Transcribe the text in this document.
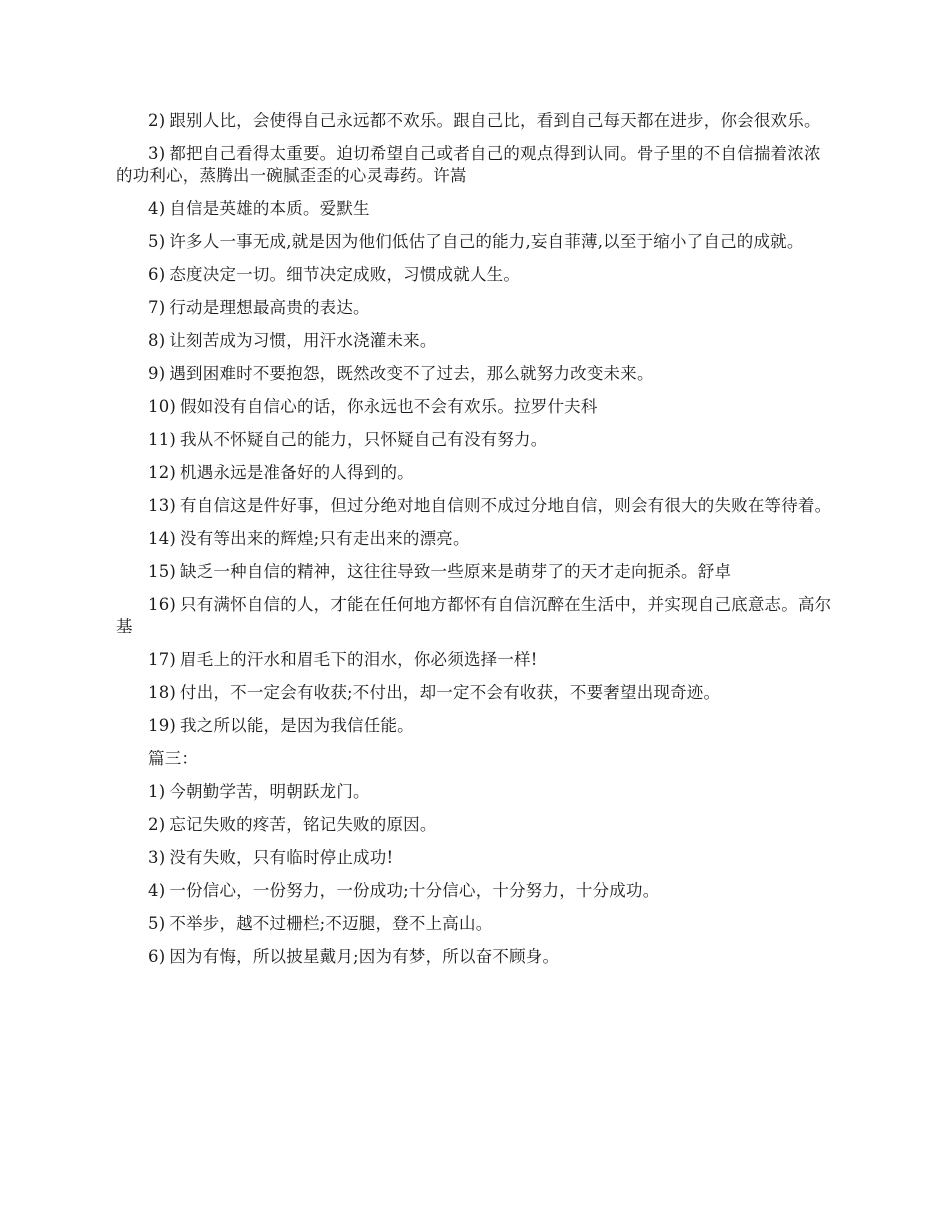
2) 跟别人比，会使得自己永远都不欢乐。跟自己比，看到自己每天都在进步，你会很欢乐。

3) 都把自己看得太重要。迫切希望自己或者自己的观点得到认同。骨子里的不自信揣着浓浓的功利心，蒸腾出一碗腻歪歪的心灵毒药。许嵩

4) 自信是英雄的本质。爱默生

5) 许多人一事无成,就是因为他们低估了自己的能力,妄自菲薄,以至于缩小了自己的成就。

6) 态度决定一切。细节决定成败，习惯成就人生。

7) 行动是理想最高贵的表达。

8) 让刻苦成为习惯，用汗水浇灌未来。

9) 遇到困难时不要抱怨，既然改变不了过去，那么就努力改变未来。

10) 假如没有自信心的话，你永远也不会有欢乐。拉罗什夫科

11) 我从不怀疑自己的能力，只怀疑自己有没有努力。

12) 机遇永远是准备好的人得到的。

13) 有自信这是件好事，但过分绝对地自信则不成过分地自信，则会有很大的失败在等待着。

14) 没有等出来的辉煌;只有走出来的漂亮。

15) 缺乏一种自信的精神，这往往导致一些原来是萌芽了的天才走向扼杀。舒卓

16) 只有满怀自信的人，才能在任何地方都怀有自信沉醉在生活中，并实现自己底意志。高尔基

17) 眉毛上的汗水和眉毛下的泪水，你必须选择一样!

18) 付出，不一定会有收获;不付出，却一定不会有收获，不要奢望出现奇迹。

19) 我之所以能，是因为我信任能。

篇三：

1) 今朝勤学苦，明朝跃龙门。

2) 忘记失败的疼苦，铭记失败的原因。

3) 没有失败，只有临时停止成功!

4) 一份信心，一份努力，一份成功;十分信心，十分努力，十分成功。

5) 不举步，越不过栅栏;不迈腿，登不上高山。

6) 因为有悔，所以披星戴月;因为有梦，所以奋不顾身。
